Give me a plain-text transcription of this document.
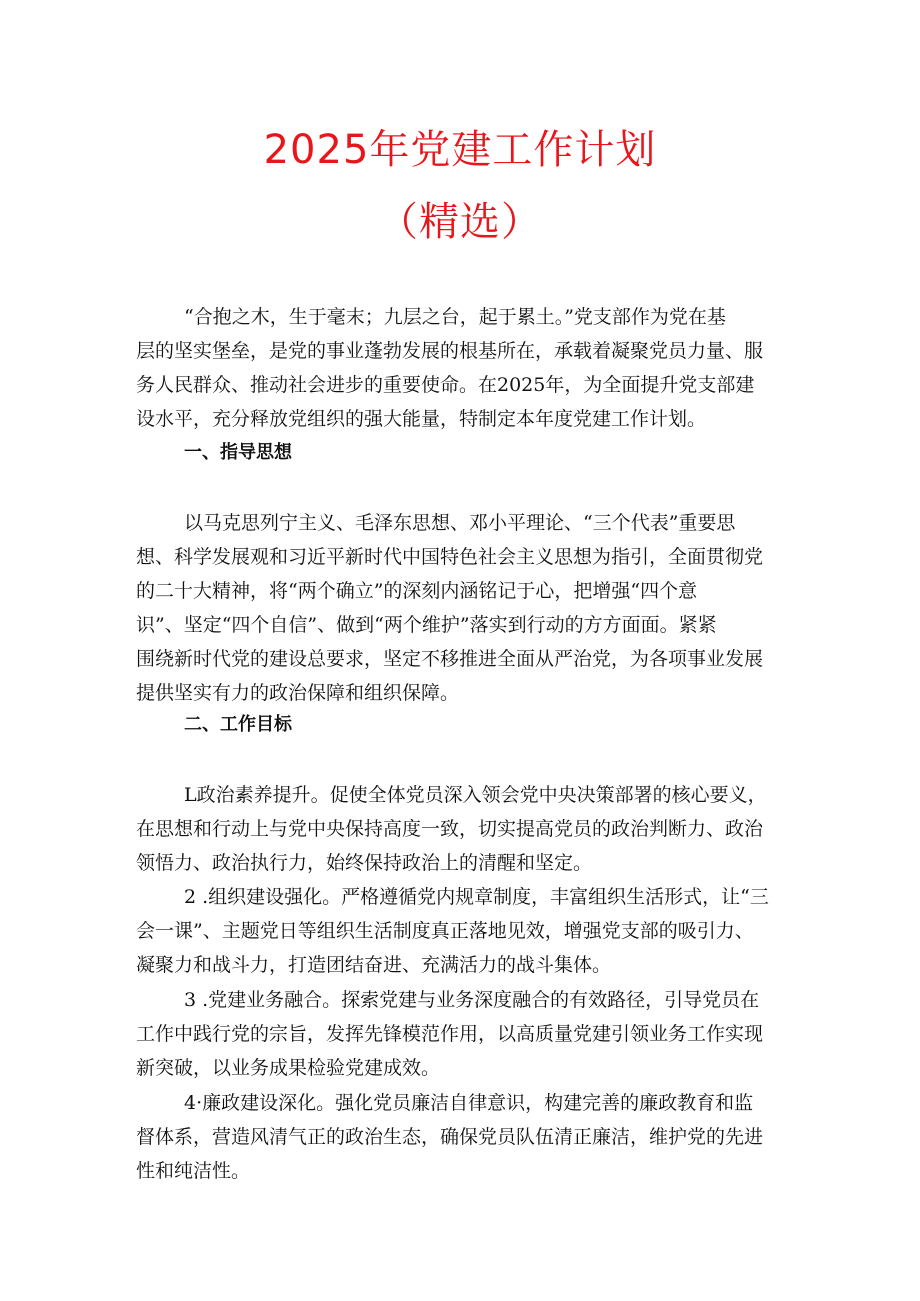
2025年党建工作计划
（精选）

“合抱之木，生于毫末；九层之台，起于累土。”党支部作为党在基
层的坚实堡垒，是党的事业蓬勃发展的根基所在，承载着凝聚党员力量、服
务人民群众、推动社会进步的重要使命。在2025年，为全面提升党支部建
设水平，充分释放党组织的强大能量，特制定本年度党建工作计划。

一、指导思想

以马克思列宁主义、毛泽东思想、邓小平理论、“三个代表”重要思
想、科学发展观和习近平新时代中国特色社会主义思想为指引，全面贯彻党
的二十大精神，将“两个确立”的深刻内涵铭记于心，把增强“四个意
识”、坚定“四个自信”、做到“两个维护”落实到行动的方方面面。紧紧
围绕新时代党的建设总要求，坚定不移推进全面从严治党，为各项事业发展
提供坚实有力的政治保障和组织保障。

二、工作目标

L政治素养提升。促使全体党员深入领会党中央决策部署的核心要义，
在思想和行动上与党中央保持高度一致，切实提高党员的政治判断力、政治
领悟力、政治执行力，始终保持政治上的清醒和坚定。

2 .组织建设强化。严格遵循党内规章制度，丰富组织生活形式，让“三
会一课”、主题党日等组织生活制度真正落地见效，增强党支部的吸引力、
凝聚力和战斗力，打造团结奋进、充满活力的战斗集体。

3 .党建业务融合。探索党建与业务深度融合的有效路径，引导党员在
工作中践行党的宗旨，发挥先锋模范作用，以高质量党建引领业务工作实现
新突破，以业务成果检验党建成效。

4·廉政建设深化。强化党员廉洁自律意识，构建完善的廉政教育和监
督体系，营造风清气正的政治生态，确保党员队伍清正廉洁，维护党的先进
性和纯洁性。
